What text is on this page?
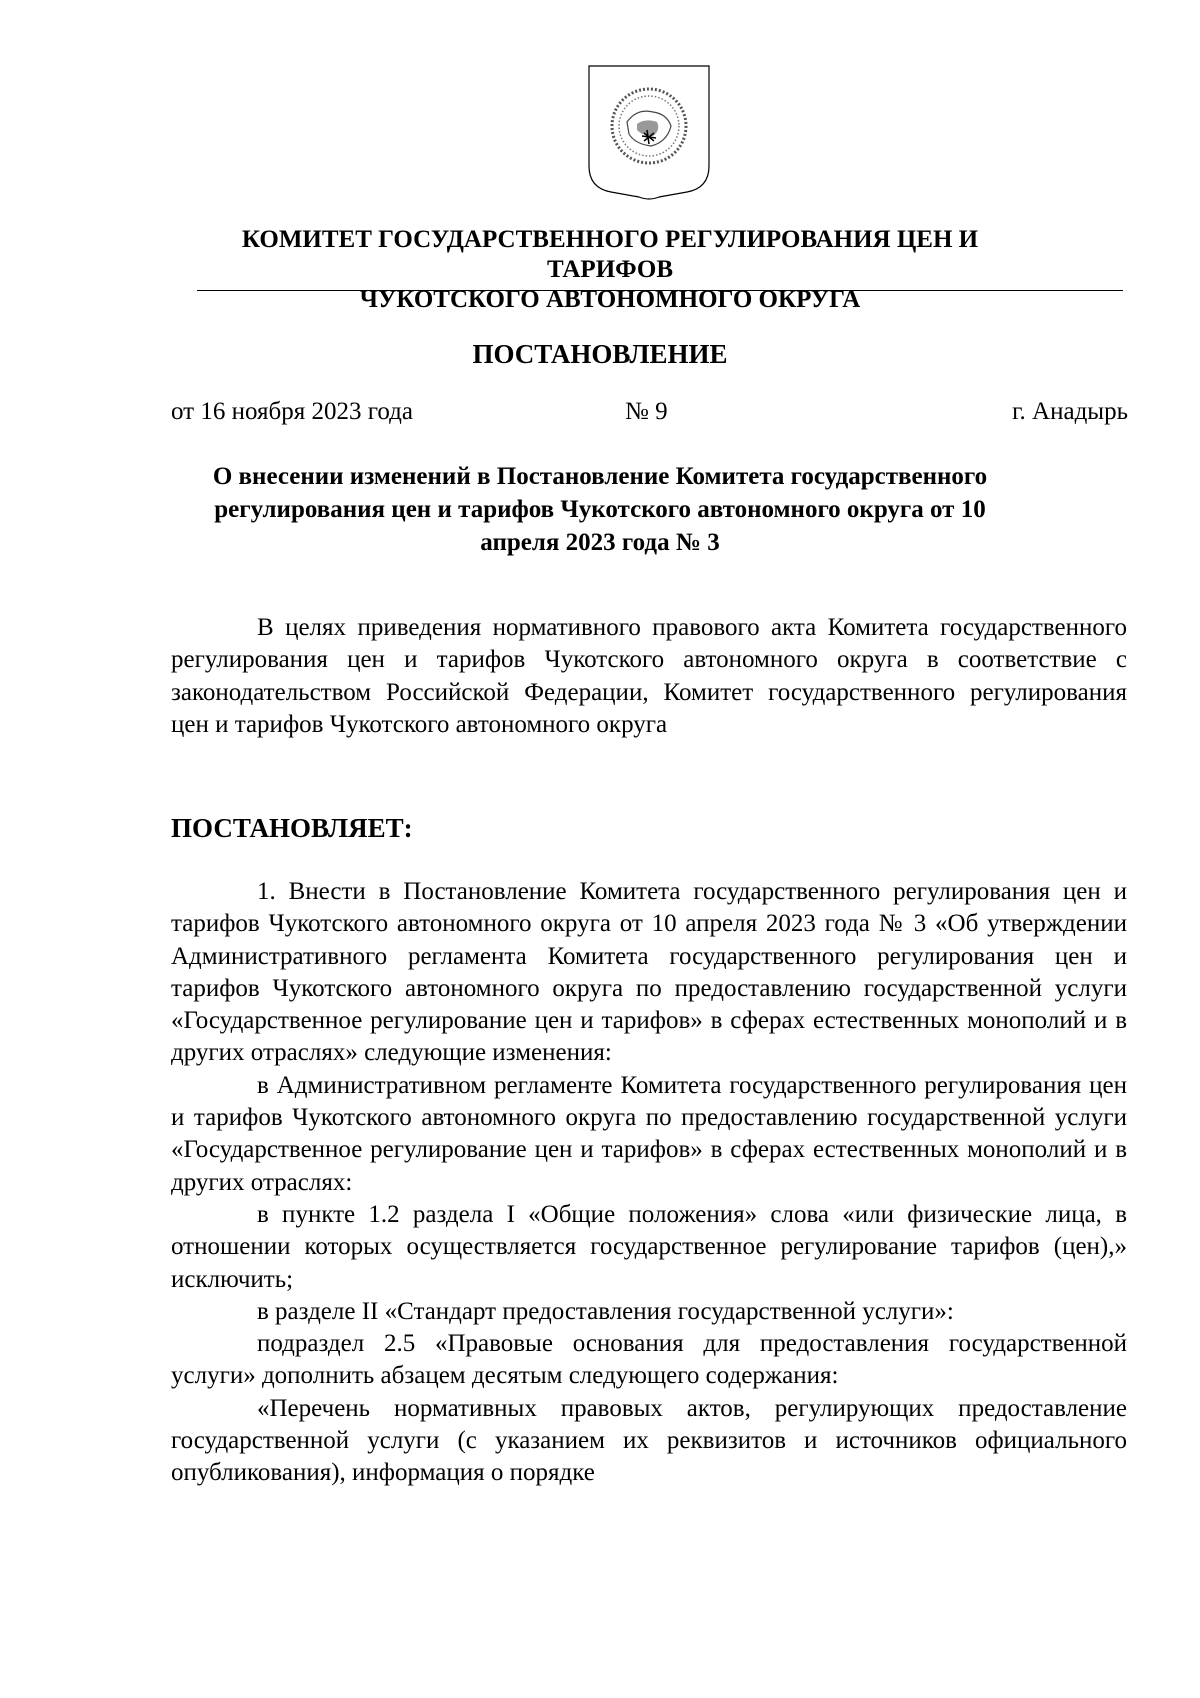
КОМИТЕТ ГОСУДАРСТВЕННОГО РЕГУЛИРОВАНИЯ ЦЕН И ТАРИФОВ
ЧУКОТСКОГО АВТОНОМНОГО ОКРУГА
ПОСТАНОВЛЕНИЕ
от 16 ноября 2023 года	№ 9	г. Анадырь
О внесении изменений в Постановление Комитета государственного регулирования цен и тарифов Чукотского автономного округа от 10 апреля 2023 года № 3

В целях приведения нормативного правового акта Комитета государственного регулирования цен и тарифов Чукотского автономного округа в соответствие с законодательством Российской Федерации, Комитет государственного регулирования цен и тарифов Чукотского автономного округа

ПОСТАНОВЛЯЕТ:

1. Внести в Постановление Комитета государственного регулирования цен и тарифов Чукотского автономного округа от 10 апреля 2023 года № 3 «Об утверждении Административного регламента Комитета государственного регулирования цен и тарифов Чукотского автономного округа по предоставлению государственной услуги «Государственное регулирование цен и тарифов» в сферах естественных монополий и в других отраслях» следующие изменения:

в Административном регламенте Комитета государственного регулирования цен и тарифов Чукотского автономного округа по предоставлению государственной услуги «Государственное регулирование цен и тарифов» в сферах естественных монополий и в других отраслях:

в пункте 1.2 раздела I «Общие положения» слова «или физические лица, в отношении которых осуществляется государственное регулирование тарифов (цен),» исключить;

в разделе II «Стандарт предоставления государственной услуги»:

подраздел 2.5 «Правовые основания для предоставления государственной услуги» дополнить абзацем десятым следующего содержания:

«Перечень нормативных правовых актов, регулирующих предоставление государственной услуги (с указанием их реквизитов и источников официального опубликования), информация о порядке
